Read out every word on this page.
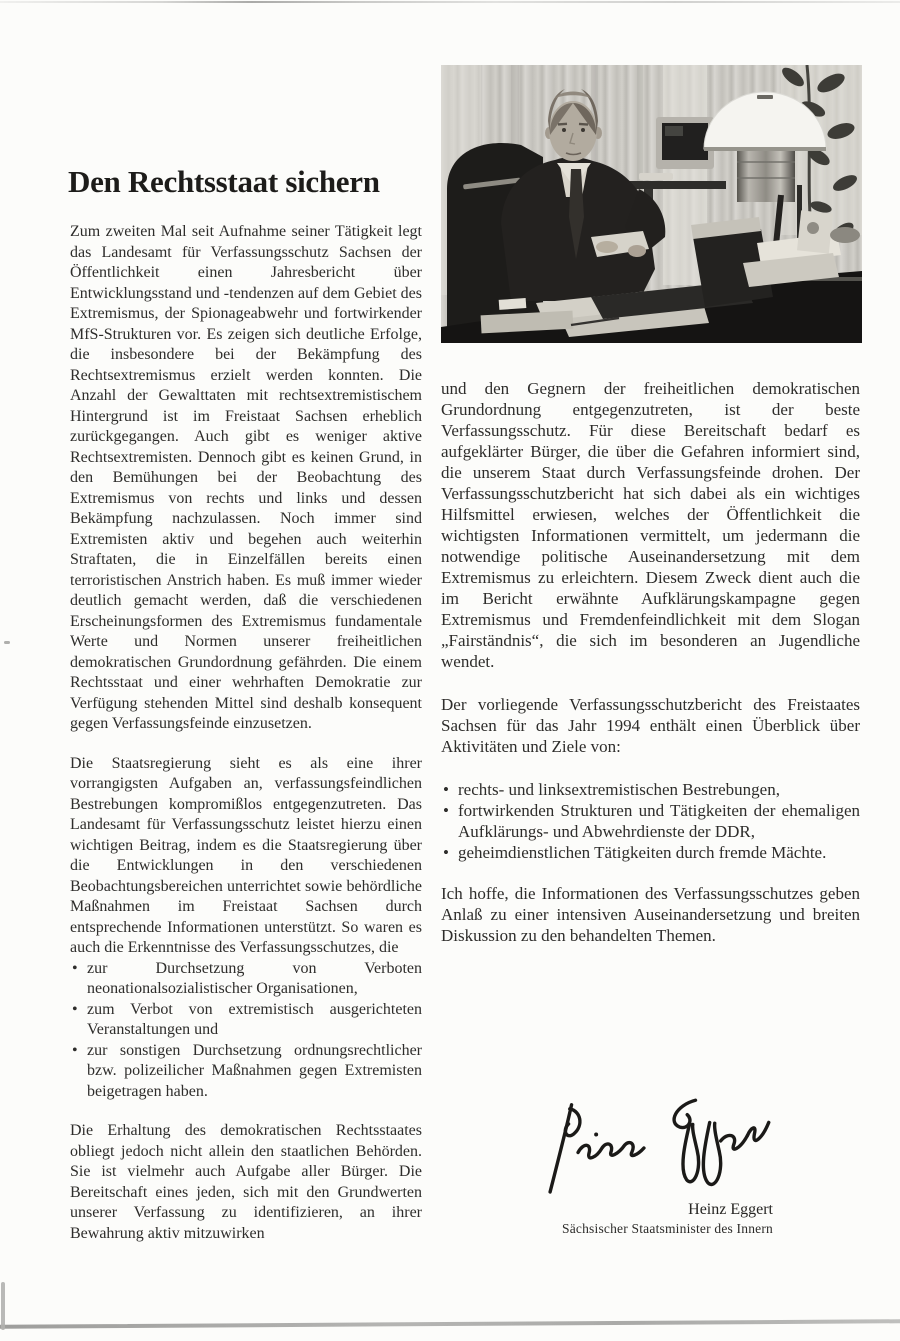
Den Rechtsstaat sichern

Zum zweiten Mal seit Aufnahme seiner Tätigkeit legt das Landesamt für Verfassungsschutz Sachsen der Öffentlichkeit einen Jahresbericht über Entwicklungsstand und -tendenzen auf dem Gebiet des Extremismus, der Spionageabwehr und fortwirkender MfS-Strukturen vor. Es zeigen sich deutliche Erfolge, die insbesondere bei der Bekämpfung des Rechtsextremismus erzielt werden konnten. Die Anzahl der Gewalttaten mit rechtsextremistischem Hintergrund ist im Freistaat Sachsen erheblich zurückgegangen. Auch gibt es weniger aktive Rechtsextremisten. Dennoch gibt es keinen Grund, in den Bemühungen bei der Beobachtung des Extremismus von rechts und links und dessen Bekämpfung nachzulassen. Noch immer sind Extremisten aktiv und begehen auch weiterhin Straftaten, die in Einzelfällen bereits einen terroristischen Anstrich haben. Es muß immer wieder deutlich gemacht werden, daß die verschiedenen Erscheinungsformen des Extremismus fundamentale Werte und Normen unserer freiheitlichen demokratischen Grundordnung gefährden. Die einem Rechtsstaat und einer wehrhaften Demokratie zur Verfügung stehenden Mittel sind deshalb konsequent gegen Verfassungsfeinde einzusetzen.

Die Staatsregierung sieht es als eine ihrer vorrangigsten Aufgaben an, verfassungsfeindlichen Bestrebungen kompromißlos entgegenzutreten. Das Landesamt für Verfassungsschutz leistet hierzu einen wichtigen Beitrag, indem es die Staatsregierung über die Entwicklungen in den verschiedenen Beobachtungsbereichen unterrichtet sowie behördliche Maßnahmen im Freistaat Sachsen durch entsprechende Informationen unterstützt. So waren es auch die Erkenntnisse des Verfassungsschutzes, die

• zur Durchsetzung von Verboten neonationalsozialistischer Organisationen,
• zum Verbot von extremistisch ausgerichteten Veranstaltungen und
• zur sonstigen Durchsetzung ordnungsrechtlicher bzw. polizeilicher Maßnahmen gegen Extremisten beigetragen haben.

Die Erhaltung des demokratischen Rechtsstaates obliegt jedoch nicht allein den staatlichen Behörden. Sie ist vielmehr auch Aufgabe aller Bürger. Die Bereitschaft eines jeden, sich mit den Grundwerten unserer Verfassung zu identifizieren, an ihrer Bewahrung aktiv mitzuwirken

und den Gegnern der freiheitlichen demokratischen Grundordnung entgegenzutreten, ist der beste Verfassungsschutz. Für diese Bereitschaft bedarf es aufgeklärter Bürger, die über die Gefahren informiert sind, die unserem Staat durch Verfassungsfeinde drohen. Der Verfassungsschutzbericht hat sich dabei als ein wichtiges Hilfsmittel erwiesen, welches der Öffentlichkeit die wichtigsten Informationen vermittelt, um jedermann die notwendige politische Auseinandersetzung mit dem Extremismus zu erleichtern. Diesem Zweck dient auch die im Bericht erwähnte Aufklärungskampagne gegen Extremismus und Fremdenfeindlichkeit mit dem Slogan „Fairständnis“, die sich im besonderen an Jugendliche wendet.

Der vorliegende Verfassungsschutzbericht des Freistaates Sachsen für das Jahr 1994 enthält einen Überblick über Aktivitäten und Ziele von:

• rechts- und linksextremistischen Bestrebungen,
• fortwirkenden Strukturen und Tätigkeiten der ehemaligen Aufklärungs- und Abwehrdienste der DDR,
• geheimdienstlichen Tätigkeiten durch fremde Mächte.

Ich hoffe, die Informationen des Verfassungsschutzes geben Anlaß zu einer intensiven Auseinandersetzung und breiten Diskussion zu den behandelten Themen.

Heinz Eggert
Sächsischer Staatsminister des Innern
